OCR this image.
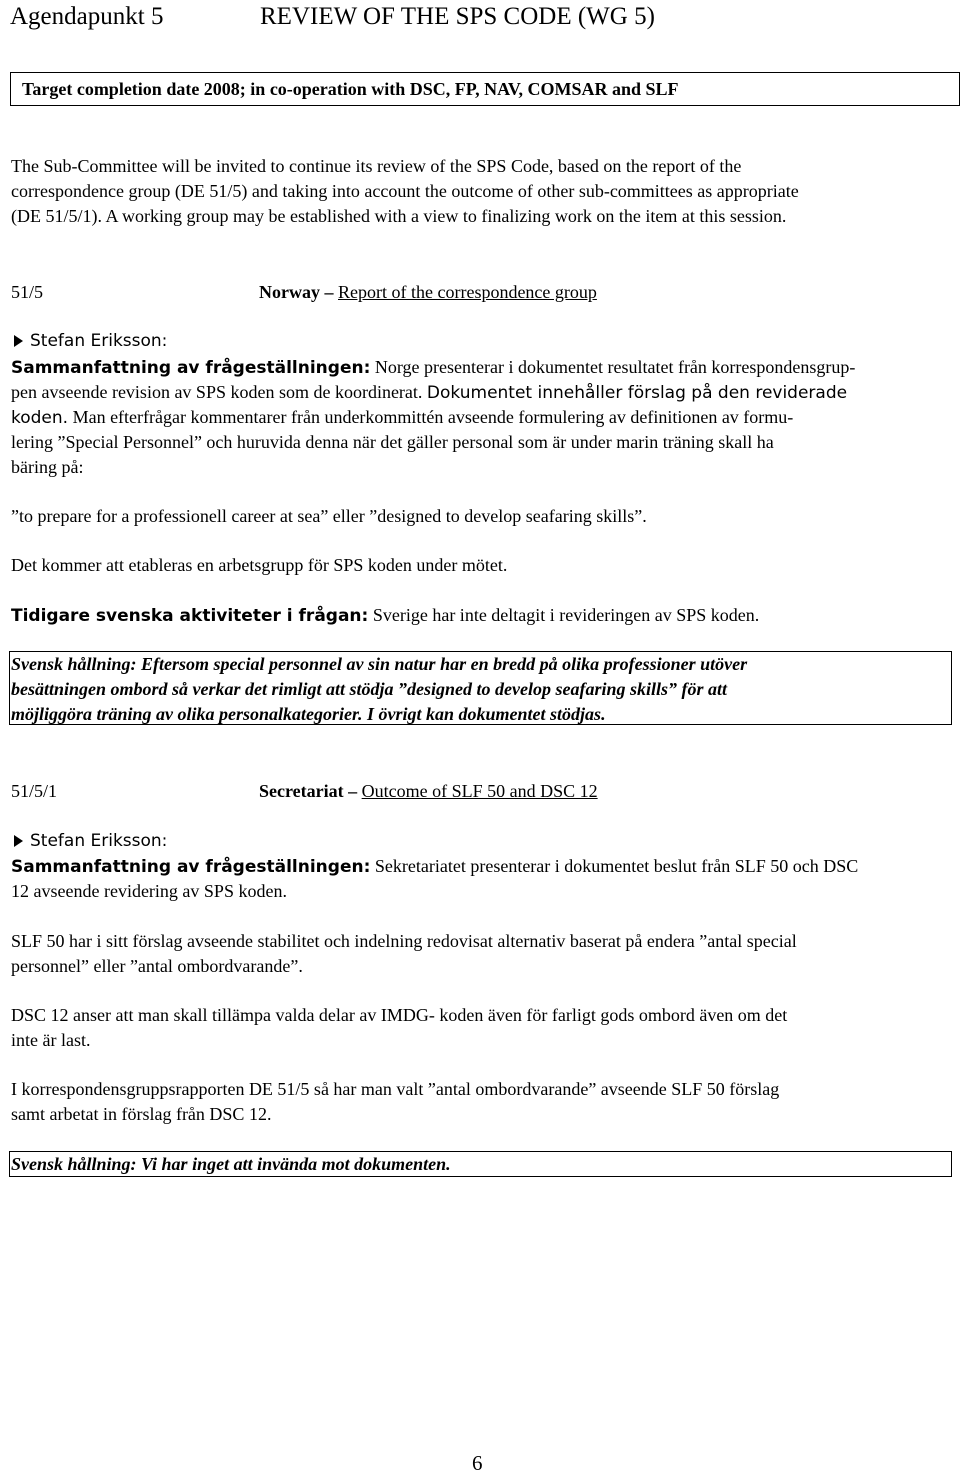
Agendapunkt 5	REVIEW OF THE SPS CODE (WG 5)
Target completion date 2008; in co-operation with DSC, FP, NAV, COMSAR and SLF
The Sub-Committee will be invited to continue its review of the SPS Code, based on the report of the
correspondence group (DE 51/5) and taking into account the outcome of other sub-committees as appropriate
(DE 51/5/1). A working group may be established with a view to finalizing work on the item at this session.
51/5	Norway – Report of the correspondence group
Stefan Eriksson:
Sammanfattning av frågeställningen: Norge presenterar i dokumentet resultatet från korrespondensgrup-
pen avseende revision av SPS koden som de koordinerat. Dokumentet innehåller förslag på den reviderade
koden. Man efterfrågar kommentarer från underkommittén avseende formulering av definitionen av formu-
lering ”Special Personnel” och huruvida denna när det gäller personal som är under marin träning skall ha
bäring på:
”to prepare for a professionell career at sea” eller ”designed to develop seafaring skills”.
Det kommer att etableras en arbetsgrupp för SPS koden under mötet.
Tidigare svenska aktiviteter i frågan: Sverige har inte deltagit i revideringen av SPS koden.
Svensk hållning: Eftersom special personnel av sin natur har en bredd på olika professioner utöver
besättningen ombord så verkar det rimligt att stödja ”designed to develop seafaring skills” för att
möjliggöra träning av olika personalkategorier. I övrigt kan dokumentet stödjas.
51/5/1	Secretariat – Outcome of SLF 50 and DSC 12
Stefan Eriksson:
Sammanfattning av frågeställningen: Sekretariatet presenterar i dokumentet beslut från SLF 50 och DSC
12 avseende revidering av SPS koden.
SLF 50 har i sitt förslag avseende stabilitet och indelning redovisat alternativ baserat på endera ”antal special
personnel” eller ”antal ombordvarande”.
DSC 12 anser att man skall tillämpa valda delar av IMDG- koden även för farligt gods ombord även om det
inte är last.
I korrespondensgruppsrapporten DE 51/5 så har man valt ”antal ombordvarande” avseende SLF 50 förslag
samt arbetat in förslag från DSC 12.
Svensk hållning: Vi har inget att invända mot dokumenten.
6
